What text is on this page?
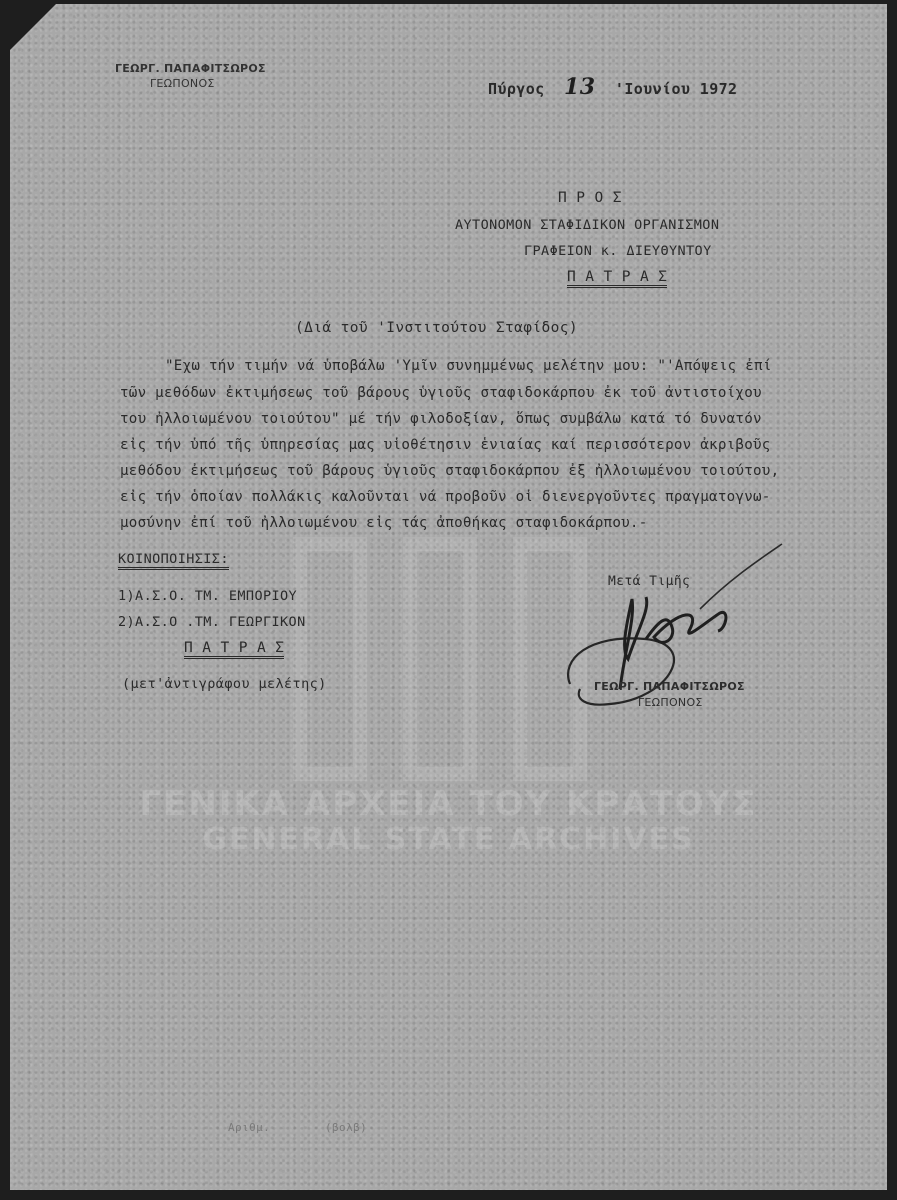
ΓΕΝΙΚΑ ΑΡΧΕΙΑ ΤΟΥ ΚΡΑΤΟΥΣ
GENERAL STATE ARCHIVES
ΓΕΩΡΓ. ΠΑΠΑΦΙΤΣΩΡΟΣ
ΓΕΩΠΟΝΟΣ	Πύργος 13 'Ιουνίου 1972
Π Ρ Ο Σ
ΑΥΤΟΝΟΜΟΝ ΣΤΑΦΙΔΙΚΟΝ ΟΡΓΑΝΙΣΜΟΝ
ΓΡΑΦΕΙΟΝ κ. ΔΙΕΥΘΥΝΤΟΥ
Π Α Τ Ρ Α Σ
(Διά τοῦ 'Ινστιτούτου Σταφίδος)
"Εχω τήν τιμήν νά ὑποβάλω 'Υμῖν συνημμένως μελέτην μου: "'Απόψεις ἐπί
τῶν μεθόδων ἐκτιμήσεως τοῦ βάρους ὑγιοῦς σταφιδοκάρπου ἐκ τοῦ ἀντιστοίχου
του ἠλλοιωμένου τοιούτου" μέ τήν φιλοδοξίαν, ὅπως συμβάλω κατά τό δυνατόν
εἰς τήν ὑπό τῆς ὑπηρεσίας μας υἱοθέτησιν ἑνιαίας καί περισσότερον ἀκριβοῦς
μεθόδου ἐκτιμήσεως τοῦ βάρους ὑγιοῦς σταφιδοκάρπου ἐξ ἠλλοιωμένου τοιούτου,
εἰς τήν ὁποίαν πολλάκις καλοῦνται νά προβοῦν οἱ διενεργοῦντες πραγματογνω-
μοσύνην ἐπί τοῦ ἠλλοιωμένου εἰς τάς ἀποθήκας σταφιδοκάρπου.-
ΚΟΙΝΟΠΟΙΗΣΙΣ:
1)Α.Σ.Ο. ΤΜ. ΕΜΠΟΡΙΟΥ
2)Α.Σ.Ο .ΤΜ. ΓΕΩΡΓΙΚΟΝ
Π Α Τ Ρ Α Σ
(μετ'ἀντιγράφου μελέτης)
Μετά Τιμῆς
ΓΕΩΡΓ. ΠΑΠΑΦΙΤΣΩΡΟΣ
ΓΕΩΠΟΝΟΣ
Αριθμ.	(βολβ)
